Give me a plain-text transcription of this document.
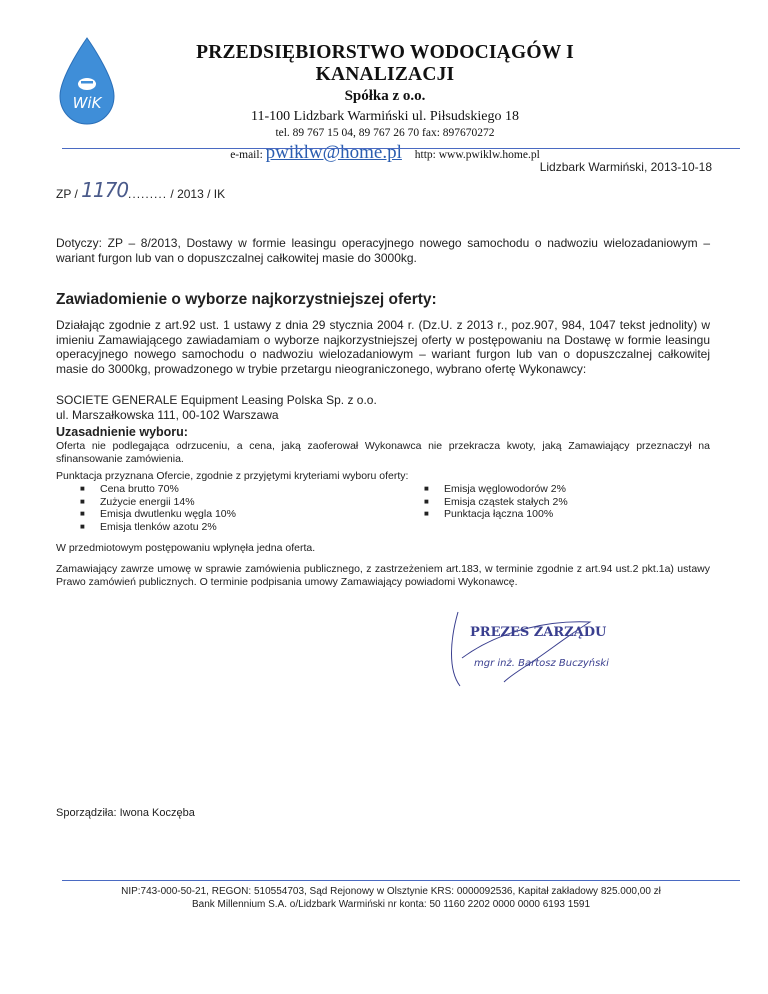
WiK
PRZEDSIĘBIORSTWO WODOCIĄGÓW I KANALIZACJI
Spółka z o.o.
11-100 Lidzbark Warmiński ul. Piłsudskiego 18
tel. 89 767 15 04, 89 767 26 70 fax: 897670272
e-mail: pwiklw@home.pl http: www.pwiklw.home.pl
Lidzbark Warmiński, 2013-10-18
ZP / 1170......... / 2013 / IK
Dotyczy: ZP – 8/2013, Dostawy w formie leasingu operacyjnego nowego samochodu o nadwoziu wielozadaniowym – wariant furgon lub van o dopuszczalnej całkowitej masie do 3000kg.
Zawiadomienie o wyborze najkorzystniejszej oferty:
Działając zgodnie z art.92 ust. 1 ustawy z dnia 29 stycznia 2004 r. (Dz.U. z 2013 r., poz.907, 984, 1047 tekst jednolity) w imieniu Zamawiającego zawiadamiam o wyborze najkorzystniejszej oferty w postępowaniu na Dostawę w formie leasingu operacyjnego nowego samochodu o nadwoziu wielozadaniowym – wariant furgon lub van o dopuszczalnej całkowitej masie do 3000kg, prowadzonego w trybie przetargu nieograniczonego, wybrano ofertę Wykonawcy:
SOCIETE GENERALE Equipment Leasing Polska Sp. z o.o.
ul. Marszałkowska 111, 00-102 Warszawa
Uzasadnienie wyboru:
Oferta nie podlegająca odrzuceniu, a cena, jaką zaoferował Wykonawca nie przekracza kwoty, jaką Zamawiający przeznaczył na sfinansowanie zamówienia.
Punktacja przyznana Ofercie, zgodnie z przyjętymi kryteriami wyboru oferty:
■	Cena brutto 70%
■	Zużycie energii 14%
■	Emisja dwutlenku węgla 10%
■	Emisja tlenków azotu 2%
■	Emisja węglowodorów 2%
■	Emisja cząstek stałych 2%
■	Punktacja łączna 100%
W przedmiotowym postępowaniu wpłynęła jedna oferta.
Zamawiający zawrze umowę w sprawie zamówienia publicznego, z zastrzeżeniem art.183, w terminie zgodnie z art.94 ust.2 pkt.1a) ustawy Prawo zamówień publicznych. O terminie podpisania umowy Zamawiający powiadomi Wykonawcę.
PREZES ZARZĄDU
mgr inż. Bartosz Buczyński
Sporządziła: Iwona Koczęba
NIP:743-000-50-21, REGON: 510554703, Sąd Rejonowy w Olsztynie KRS: 0000092536, Kapitał zakładowy 825.000,00 zł
Bank Millennium S.A. o/Lidzbark Warmiński nr konta: 50 1160 2202 0000 0000 6193 1591
